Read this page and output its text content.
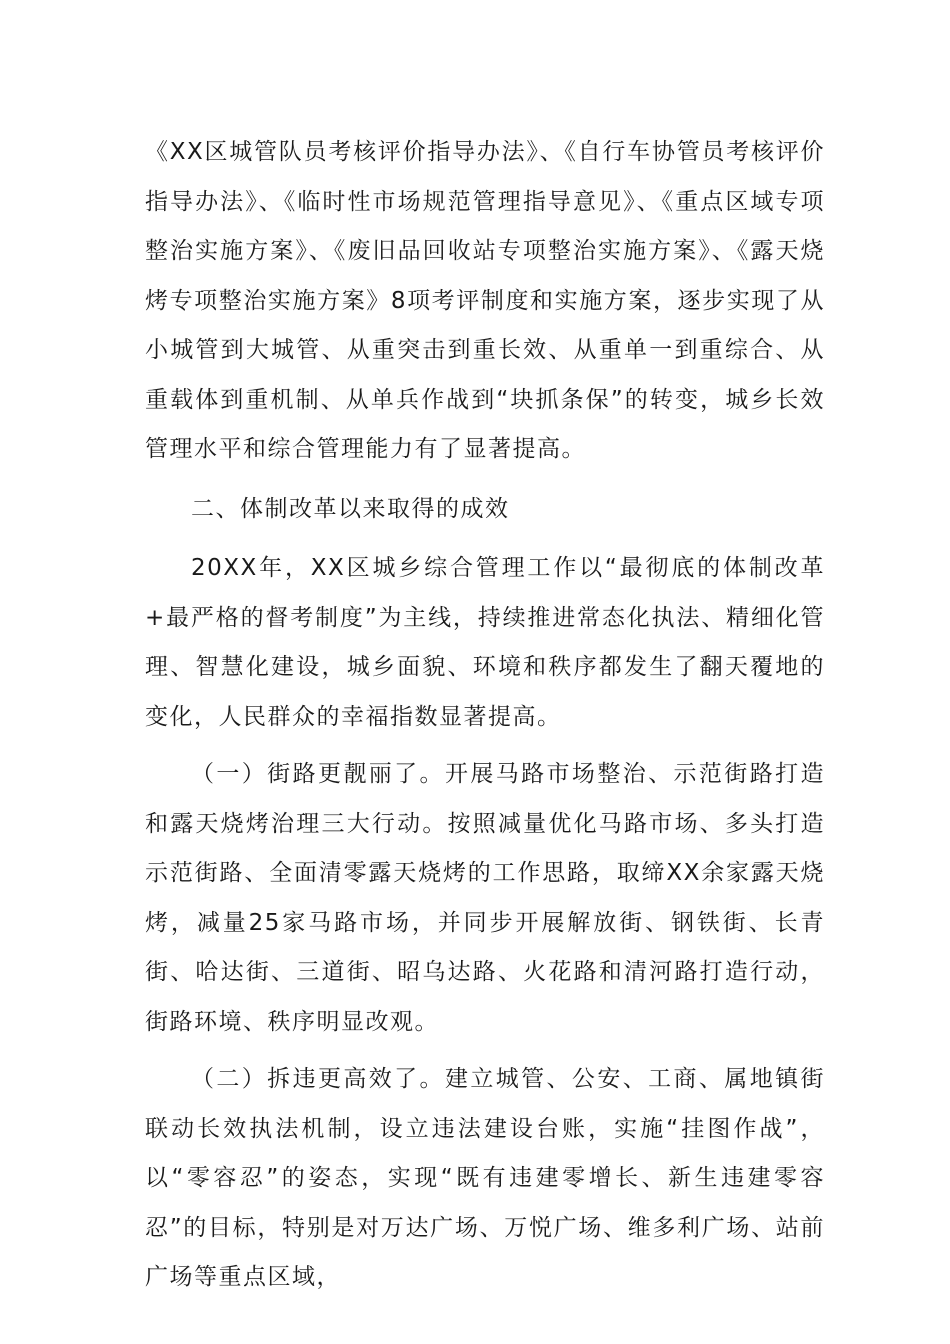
《XX区城管队员考核评价指导办法》、《自行车协管员考核评价指导办法》、《临时性市场规范管理指导意见》、《重点区域专项整治实施方案》、《废旧品回收站专项整治实施方案》、《露天烧烤专项整治实施方案》8项考评制度和实施方案，逐步实现了从小城管到大城管、从重突击到重长效、从重单一到重综合、从重载体到重机制、从单兵作战到“块抓条保”的转变，城乡长效管理水平和综合管理能力有了显著提高。

二、体制改革以来取得的成效

20XX年，XX区城乡综合管理工作以“最彻底的体制改革+最严格的督考制度”为主线，持续推进常态化执法、精细化管理、智慧化建设，城乡面貌、环境和秩序都发生了翻天覆地的变化，人民群众的幸福指数显著提高。

（一）街路更靓丽了。开展马路市场整治、示范街路打造和露天烧烤治理三大行动。按照减量优化马路市场、多头打造示范街路、全面清零露天烧烤的工作思路，取缔XX余家露天烧烤，减量25家马路市场，并同步开展解放街、钢铁街、长青街、哈达街、三道街、昭乌达路、火花路和清河路打造行动，街路环境、秩序明显改观。

（二）拆违更高效了。建立城管、公安、工商、属地镇街联动长效执法机制，设立违法建设台账，实施“挂图作战”，以“零容忍”的姿态，实现“既有违建零增长、新生违建零容忍”的目标，特别是对万达广场、万悦广场、维多利广场、站前广场等重点区域，
